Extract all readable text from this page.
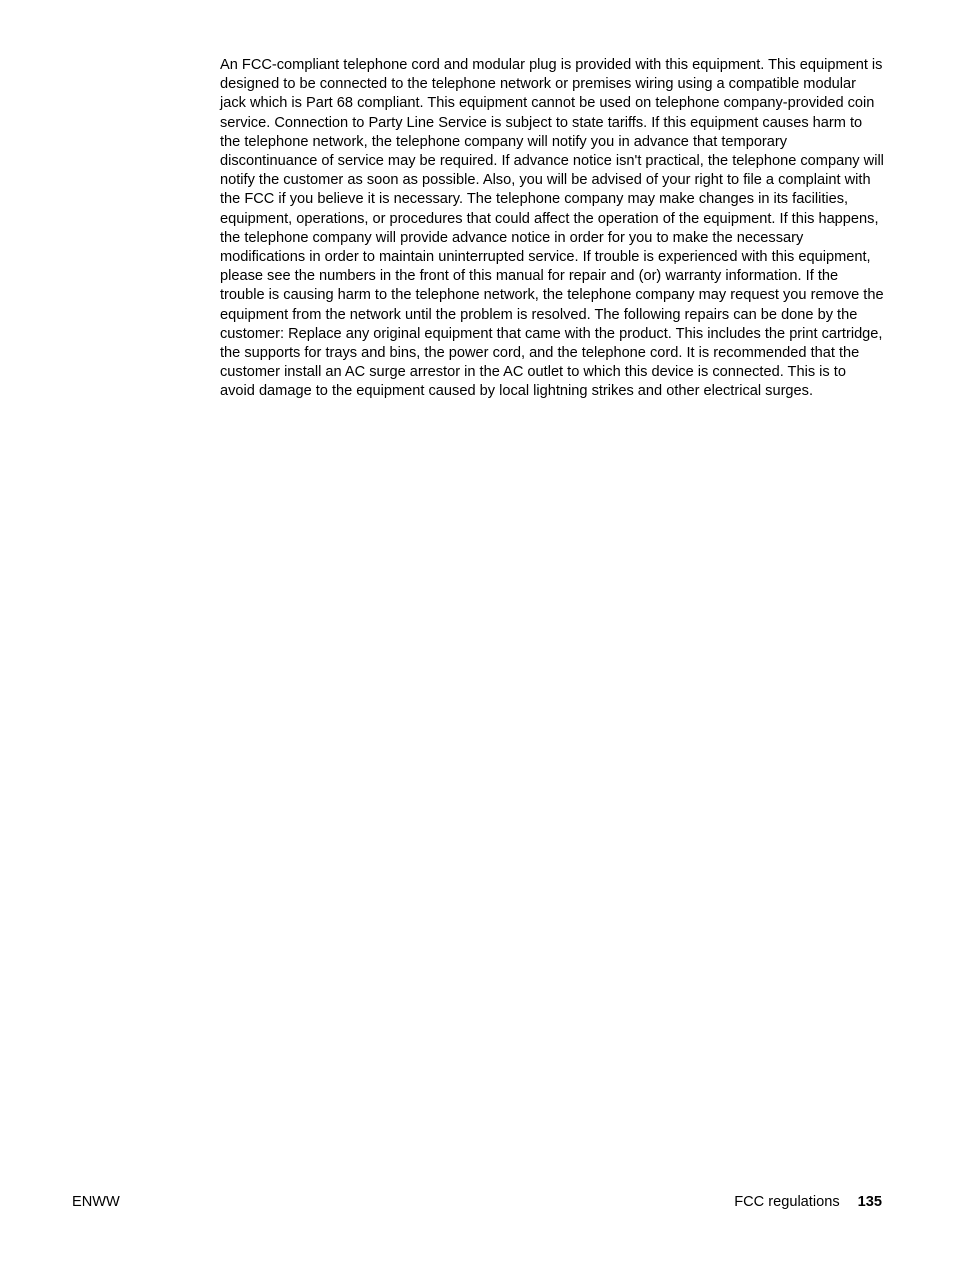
An FCC-compliant telephone cord and modular plug is provided with this equipment. This equipment is designed to be connected to the telephone network or premises wiring using a compatible modular jack which is Part 68 compliant. This equipment cannot be used on telephone company-provided coin service. Connection to Party Line Service is subject to state tariffs. If this equipment causes harm to the telephone network, the telephone company will notify you in advance that temporary discontinuance of service may be required. If advance notice isn't practical, the telephone company will notify the customer as soon as possible. Also, you will be advised of your right to file a complaint with the FCC if you believe it is necessary. The telephone company may make changes in its facilities, equipment, operations, or procedures that could affect the operation of the equipment. If this happens, the telephone company will provide advance notice in order for you to make the necessary modifications in order to maintain uninterrupted service. If trouble is experienced with this equipment, please see the numbers in the front of this manual for repair and (or) warranty information. If the trouble is causing harm to the telephone network, the telephone company may request you remove the equipment from the network until the problem is resolved. The following repairs can be done by the customer: Replace any original equipment that came with the product. This includes the print cartridge, the supports for trays and bins, the power cord, and the telephone cord. It is recommended that the customer install an AC surge arrestor in the AC outlet to which this device is connected. This is to avoid damage to the equipment caused by local lightning strikes and other electrical surges.

ENWW	FCC regulations 135
